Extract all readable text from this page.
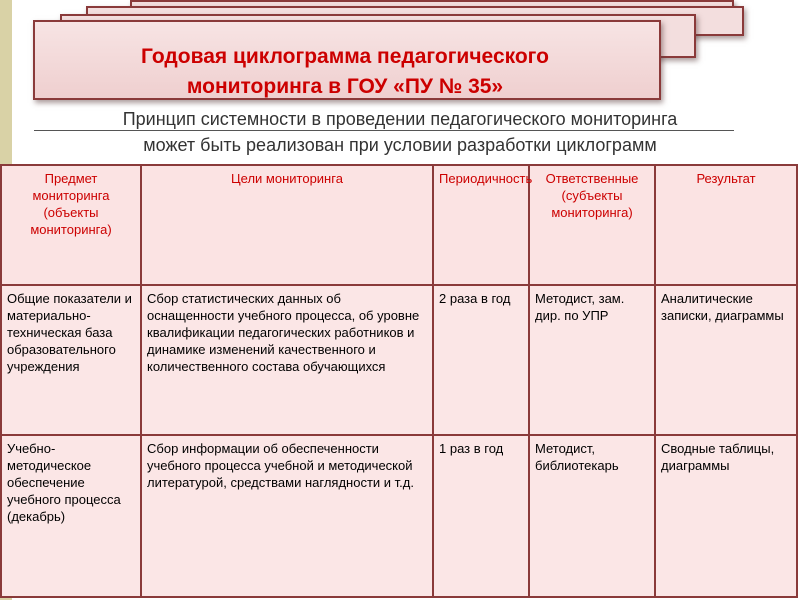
Годовая циклограмма педагогического
мониторинга в ГОУ «ПУ № 35»
Принцип системности в проведении педагогического мониторинга
может быть реализован при условии разработки циклограмм
Предмет мониторинга (объекты мониторинга)	Цели мониторинга	Периодичность	Ответственные (субъекты мониторинга)	Результат
Общие показатели и материально-техническая база образовательного учреждения	Сбор статистических данных об оснащенности учебного процесса, об уровне квалификации педагогических работников и динамике изменений качественного и количественного состава обучающихся	2 раза в год	Методист, зам. дир. по УПР	Аналитические записки, диаграммы
Учебно-методическое обеспечение учебного процесса (декабрь)	Сбор информации об обеспеченности учебного процесса учебной и методической литературой, средствами наглядности и т.д.	1 раз в год	Методист, библиотекарь	Сводные таблицы, диаграммы
